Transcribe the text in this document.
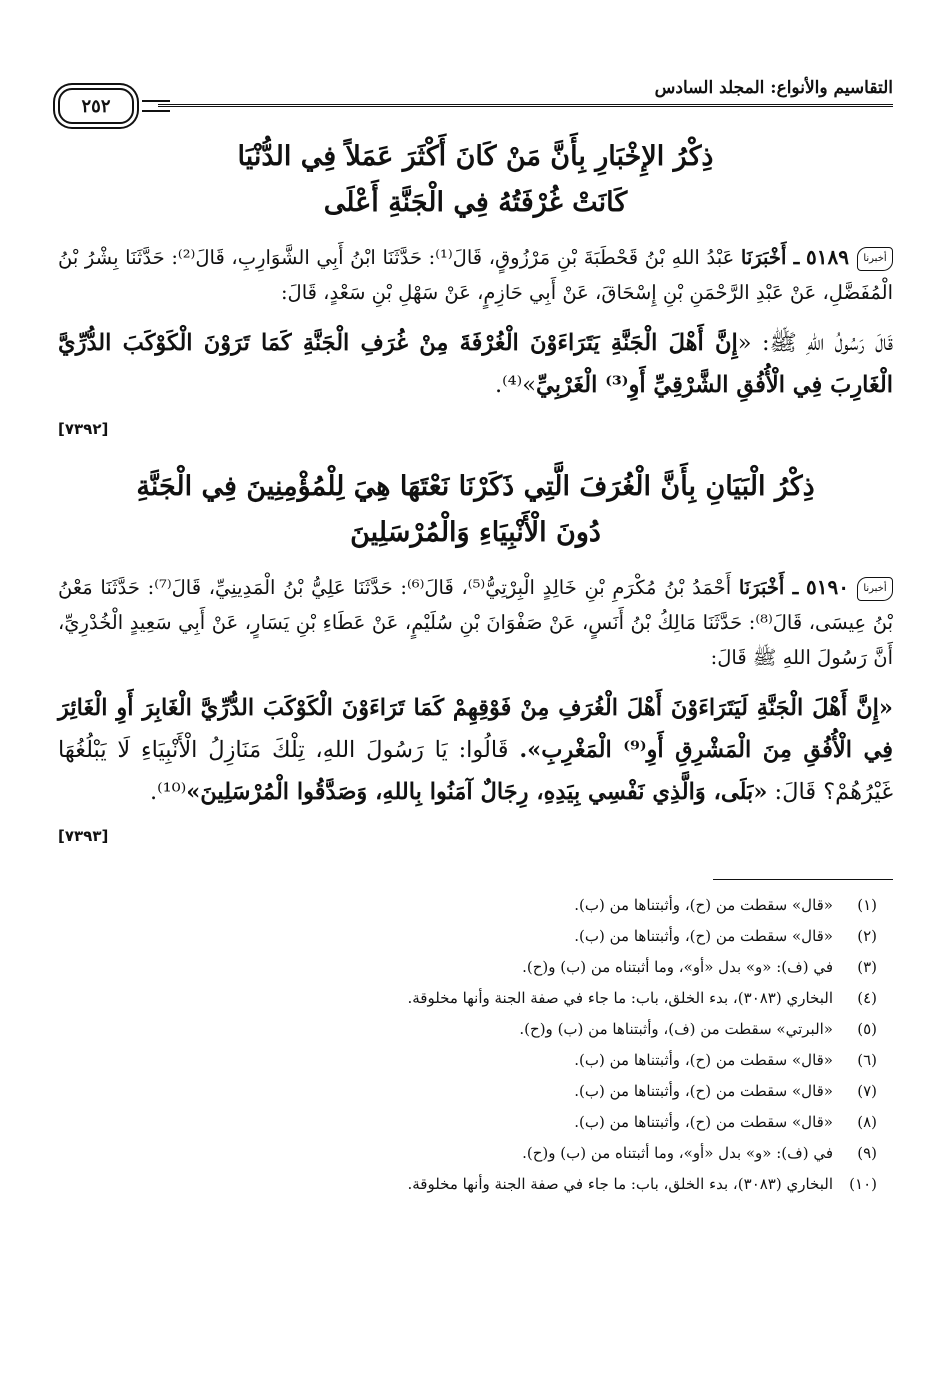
التقاسيم والأنواع: المجلد السادس
٢٥٢
ذِكْرُ الإِخْبَارِ بِأَنَّ مَنْ كَانَ أَكْثَرَ عَمَلاً فِي الدُّنْيَا
كَانَتْ غُرْفَتُهُ فِي الْجَنَّةِ أَعْلَى

أخبرنا٥١٨٩ ـ أَخْبَرَنَا عَبْدُ اللهِ بْنُ قَحْطَبَةَ بْنِ مَرْزُوقٍ، قَالَ⁽¹⁾: حَدَّثَنَا ابْنُ أَبِي الشَّوَارِبِ، قَالَ⁽²⁾: حَدَّثَنَا بِشْرُ بْنُ الْمُفَضَّلِ، عَنْ عَبْدِ الرَّحْمَنِ بْنِ إِسْحَاقَ، عَنْ أَبِي حَازِمٍ، عَنْ سَهْلِ بْنِ سَعْدٍ، قَالَ:

قَالَ رَسُولُ اللهِ ﷺ: «إِنَّ أَهْلَ الْجَنَّةِ يَتَرَاءَوْنَ الْغُرْفَةَ مِنْ غُرَفِ الْجَنَّةِ كَمَا تَرَوْنَ الْكَوْكَبَ الدُّرِّيَّ الْغَارِبَ فِي الْأُفُقِ الشَّرْقِيِّ أَوِ⁽³⁾ الْغَرْبِيِّ»⁽⁴⁾.
[٧٣٩٢]
ذِكْرُ الْبَيَانِ بِأَنَّ الْغُرَفَ الَّتِي ذَكَرْنَا نَعْتَهَا هِيَ لِلْمُؤْمِنِينَ فِي الْجَنَّةِ
دُونَ الْأَنْبِيَاءِ وَالْمُرْسَلِينَ

أخبرنا٥١٩٠ ـ أَخْبَرَنَا أَحْمَدُ بْنُ مُكْرَمِ بْنِ خَالِدٍ الْبِرْتِيُّ⁽⁵⁾، قَالَ⁽⁶⁾: حَدَّثَنَا عَلِيُّ بْنُ الْمَدِينِيِّ، قَالَ⁽⁷⁾: حَدَّثَنَا مَعْنُ بْنُ عِيسَى، قَالَ⁽⁸⁾: حَدَّثَنَا مَالِكُ بْنُ أَنَسٍ، عَنْ صَفْوَانَ بْنِ سُلَيْمٍ، عَنْ عَطَاءِ بْنِ يَسَارٍ، عَنْ أَبِي سَعِيدٍ الْخُدْرِيِّ، أَنَّ رَسُولَ اللهِ ﷺ قَالَ:

«إِنَّ أَهْلَ الْجَنَّةِ لَيَتَرَاءَوْنَ أَهْلَ الْغُرَفِ مِنْ فَوْقِهِمْ كَمَا تَرَاءَوْنَ الْكَوْكَبَ الدُّرِّيَّ الْغَابِرَ أَوِ الْغَائِرَ فِي الْأُفُقِ مِنَ الْمَشْرِقِ أَوِ⁽⁹⁾ الْمَغْرِبِ». قَالُوا: يَا رَسُولَ اللهِ، تِلْكَ مَنَازِلُ الْأَنْبِيَاءِ لَا يَبْلُغُهَا غَيْرُهُمْ؟ قَالَ: «بَلَى، وَالَّذِي نَفْسِي بِيَدِهِ، رِجَالٌ آمَنُوا بِاللهِ، وَصَدَّقُوا الْمُرْسَلِينَ»⁽¹⁰⁾.
[٧٣٩٣]
(١)«قال» سقطت من (ح)، وأثبتناها من (ب).
(٢)«قال» سقطت من (ح)، وأثبتناها من (ب).
(٣)في (ف): «و» بدل «أو»، وما أثبتناه من (ب) و(ح).
(٤)البخاري (٣٠٨٣)، بدء الخلق، باب: ما جاء في صفة الجنة وأنها مخلوقة.
(٥)«البرتي» سقطت من (ف)، وأثبتناها من (ب) و(ح).
(٦)«قال» سقطت من (ح)، وأثبتناها من (ب).
(٧)«قال» سقطت من (ح)، وأثبتناها من (ب).
(٨)«قال» سقطت من (ح)، وأثبتناها من (ب).
(٩)في (ف): «و» بدل «أو»، وما أثبتناه من (ب) و(ح).
(١٠)البخاري (٣٠٨٣)، بدء الخلق، باب: ما جاء في صفة الجنة وأنها مخلوقة.
